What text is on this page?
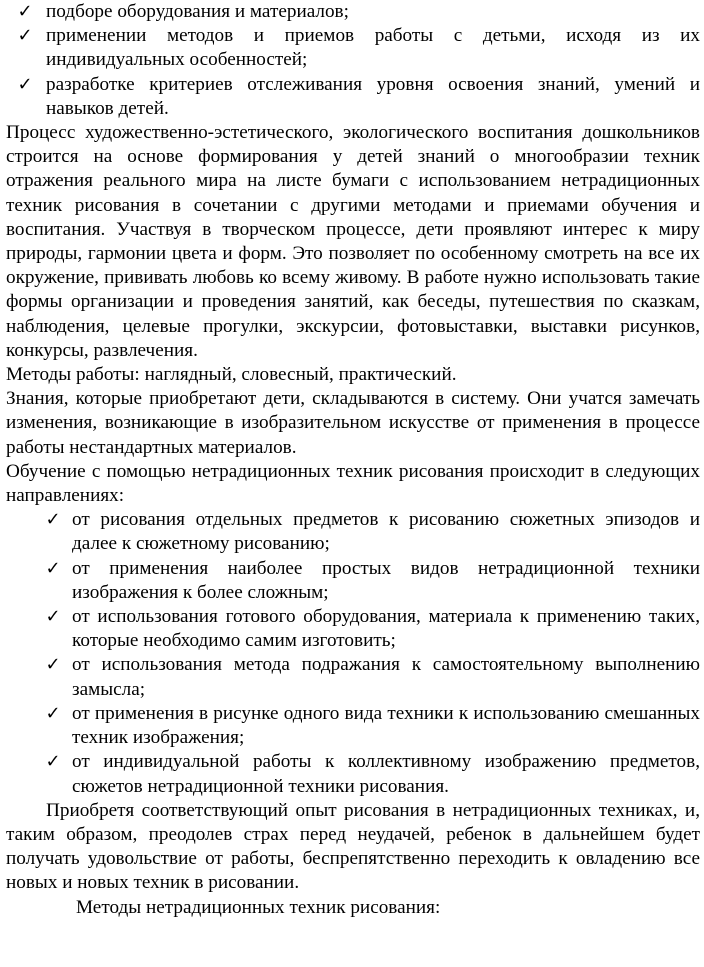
✓ подборе оборудования и материалов;
✓ применении методов и приемов работы с детьми, исходя из их индивидуальных особенностей;
✓ разработке критериев отслеживания уровня освоения знаний, умений и навыков детей.

Процесс художественно-эстетического, экологического воспитания дошкольников строится на основе формирования у детей знаний о многообразии техник отражения реального мира на листе бумаги с использованием нетрадиционных техник рисования в сочетании с другими методами и приемами обучения и воспитания. Участвуя в творческом процессе, дети проявляют интерес к миру природы, гармонии цвета и форм. Это позволяет по особенному смотреть на все их окружение, прививать любовь ко всему живому. В работе нужно использовать такие формы организации и проведения занятий, как беседы, путешествия по сказкам, наблюдения, целевые прогулки, экскурсии, фотовыставки, выставки рисунков, конкурсы, развлечения.

Методы работы: наглядный, словесный, практический.

Знания, которые приобретают дети, складываются в систему. Они учатся замечать изменения, возникающие в изобразительном искусстве от применения в процессе работы нестандартных материалов.

Обучение с помощью нетрадиционных техник рисования происходит в следующих направлениях:

✓ от рисования отдельных предметов к рисованию сюжетных эпизодов и далее к сюжетному рисованию;
✓ от применения наиболее простых видов нетрадиционной техники изображения к более сложным;
✓ от использования готового оборудования, материала к применению таких, которые необходимо самим изготовить;
✓ от использования метода подражания к самостоятельному выполнению замысла;
✓ от применения в рисунке одного вида техники к использованию смешанных техник изображения;
✓ от индивидуальной работы к коллективному изображению предметов, сюжетов нетрадиционной техники рисования.

Приобретя соответствующий опыт рисования в нетрадиционных техниках, и, таким образом, преодолев страх перед неудачей, ребенок в дальнейшем будет получать удовольствие от работы, беспрепятственно переходить к овладению все новых и новых техник в рисовании.

Методы нетрадиционных техник рисования:
